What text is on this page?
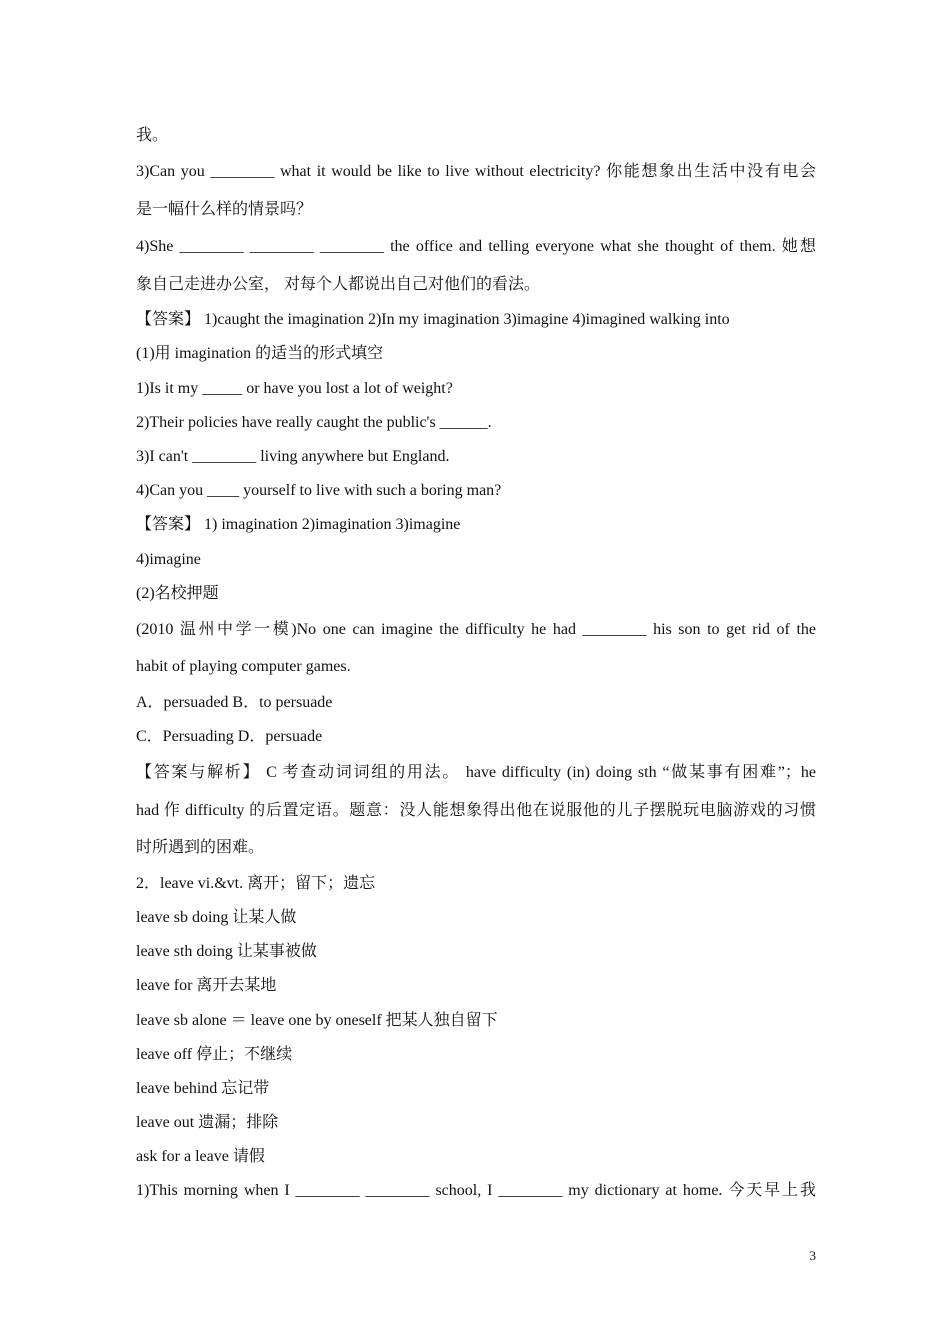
我。

3)Can you ________ what it would be like to live without electricity? 你能想象出生活中没有电会

是一幅什么样的情景吗？

4)She ________ ________ ________ the office and telling everyone what she thought of them. 她想

象自己走进办公室， 对每个人都说出自己对他们的看法。

【答案】 1)caught the imagination 2)In my imagination 3)imagine 4)imagined walking into

(1)用 imagination 的适当的形式填空

1)Is it my _____ or have you lost a lot of weight?

2)Their policies have really caught the public's ______.

3)I can't ________ living anywhere but England.

4)Can you ____ yourself to live with such a boring man?

【答案】 1) imagination 2)imagination 3)imagine

4)imagine

(2)名校押题

(2010 温州中学一模)No one can imagine the difficulty he had ________ his son to get rid of the

habit of playing computer games.

A．persuaded B．to persuade

C．Persuading D．persuade

【答案与解析】 C 考查动词词组的用法。 have difficulty (in) doing sth “做某事有困难”；he

had 作 difficulty 的后置定语。题意：没人能想象得出他在说服他的儿子摆脱玩电脑游戏的习惯

时所遇到的困难。

2．leave vi.&vt. 离开；留下；遗忘

leave sb doing 让某人做

leave sth doing 让某事被做

leave for 离开去某地

leave sb alone ＝ leave one by oneself 把某人独自留下

leave off 停止；不继续

leave behind 忘记带

leave out 遗漏；排除

ask for a leave 请假

1)This morning when I ________ ________ school, I ________ my dictionary at home. 今天早上我

3
